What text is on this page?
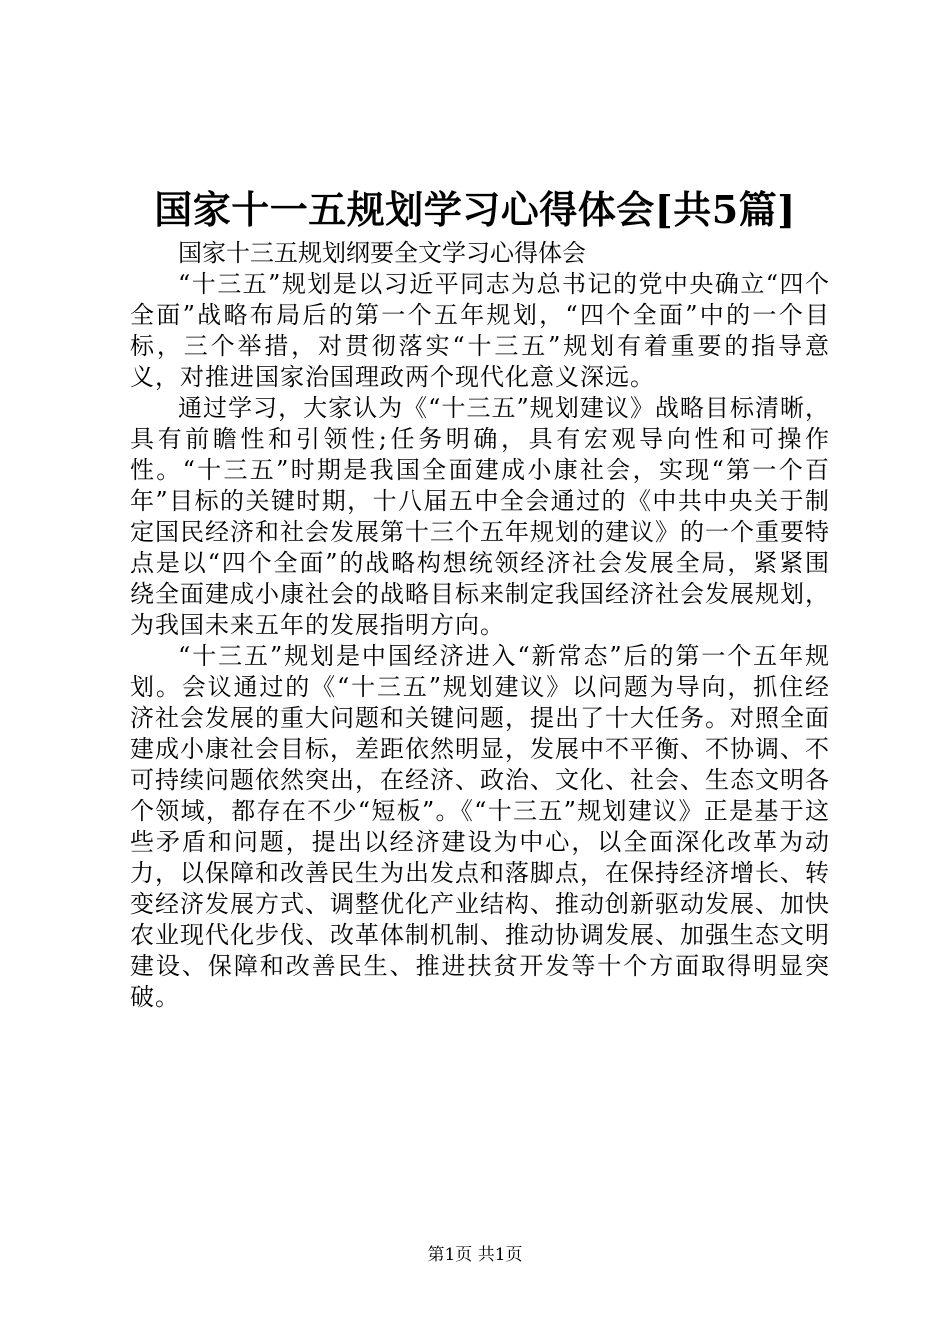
国家十一五规划学习心得体会[共5篇]

国家十三五规划纲要全文学习心得体会

“十三五”规划是以习近平同志为总书记的党中央确立“四个全面”战略布局后的第一个五年规划，“四个全面”中的一个目标，三个举措，对贯彻落实“十三五”规划有着重要的指导意义，对推进国家治国理政两个现代化意义深远。

通过学习，大家认为《“十三五”规划建议》战略目标清晰，具有前瞻性和引领性;任务明确，具有宏观导向性和可操作性。“十三五”时期是我国全面建成小康社会，实现“第一个百年”目标的关键时期，十八届五中全会通过的《中共中央关于制定国民经济和社会发展第十三个五年规划的建议》的一个重要特点是以“四个全面”的战略构想统领经济社会发展全局，紧紧围绕全面建成小康社会的战略目标来制定我国经济社会发展规划，为我国未来五年的发展指明方向。

“十三五”规划是中国经济进入“新常态”后的第一个五年规划。会议通过的《“十三五”规划建议》以问题为导向，抓住经济社会发展的重大问题和关键问题，提出了十大任务。对照全面建成小康社会目标，差距依然明显，发展中不平衡、不协调、不可持续问题依然突出，在经济、政治、文化、社会、生态文明各个领域，都存在不少“短板”。《“十三五”规划建议》正是基于这些矛盾和问题，提出以经济建设为中心，以全面深化改革为动力，以保障和改善民生为出发点和落脚点，在保持经济增长、转变经济发展方式、调整优化产业结构、推动创新驱动发展、加快农业现代化步伐、改革体制机制、推动协调发展、加强生态文明建设、保障和改善民生、推进扶贫开发等十个方面取得明显突破。

第1页 共1页
